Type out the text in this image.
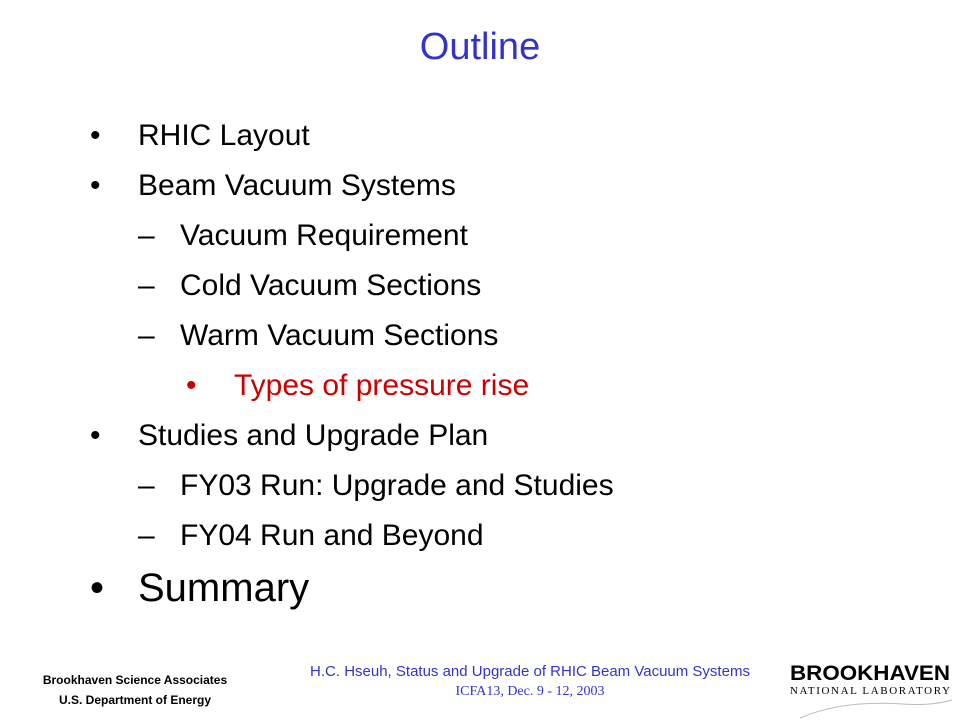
Outline
• RHIC Layout
• Beam Vacuum Systems
– Vacuum Requirement
– Cold Vacuum Sections
– Warm Vacuum Sections
• Types of pressure rise
• Studies and Upgrade Plan
– FY03 Run: Upgrade and Studies
– FY04 Run and Beyond
• Summary
Brookhaven Science Associates
U.S. Department of Energy
H.C. Hseuh, Status and Upgrade of RHIC Beam Vacuum Systems
ICFA13, Dec. 9 - 12, 2003
BROOKHAVEN
NATIONAL LABORATORY
